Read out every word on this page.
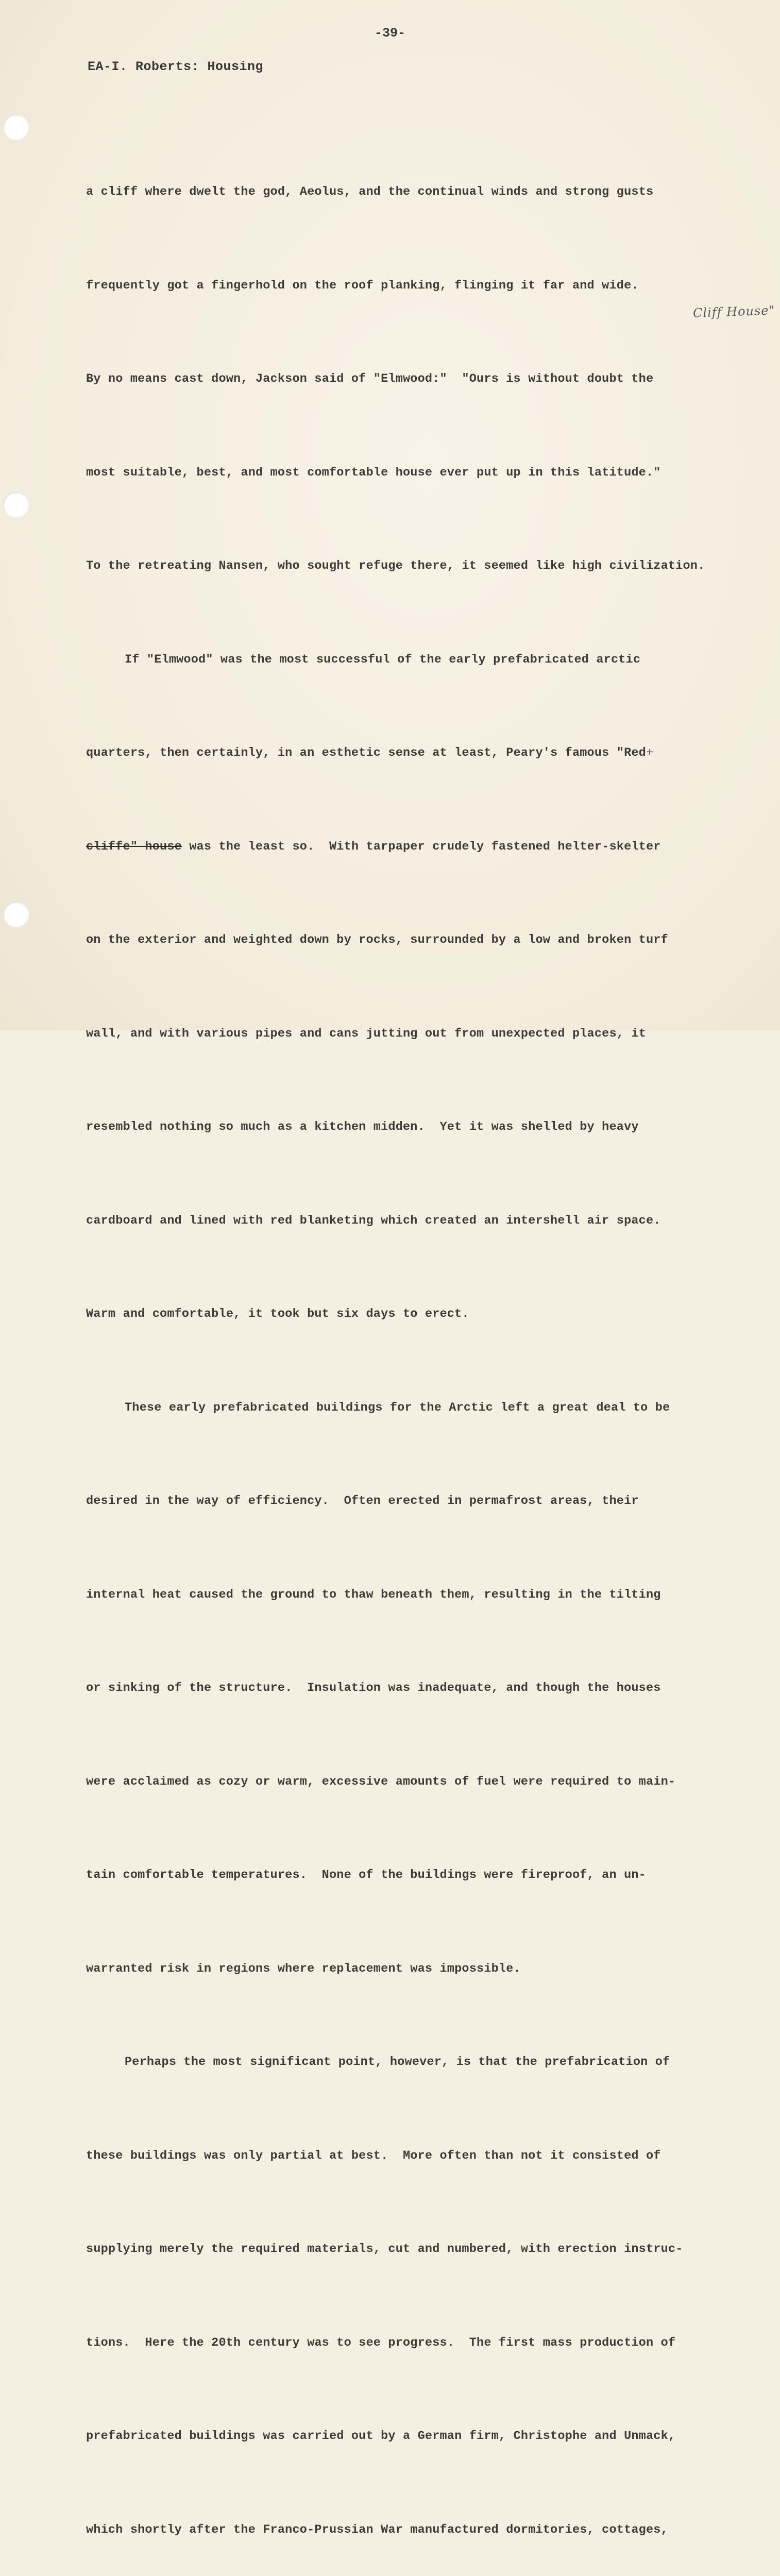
-39-

EA-I. Roberts: Housing

Cliff House"

a cliff where dwelt the god, Aeolus, and the continual winds and strong gusts

frequently got a fingerhold on the roof planking, flinging it far and wide.

By no means cast down, Jackson said of "Elmwood:"  "Ours is without doubt the

most suitable, best, and most comfortable house ever put up in this latitude."

To the retreating Nansen, who sought refuge there, it seemed like high civilization.

If "Elmwood" was the most successful of the early prefabricated arctic

quarters, then certainly, in an esthetic sense at least, Peary's famous "Red+

cliffe" house was the least so.  With tarpaper crudely fastened helter-skelter

on the exterior and weighted down by rocks, surrounded by a low and broken turf

wall, and with various pipes and cans jutting out from unexpected places, it

resembled nothing so much as a kitchen midden.  Yet it was shelled by heavy

cardboard and lined with red blanketing which created an intershell air space.

Warm and comfortable, it took but six days to erect.

These early prefabricated buildings for the Arctic left a great deal to be

desired in the way of efficiency.  Often erected in permafrost areas, their

internal heat caused the ground to thaw beneath them, resulting in the tilting

or sinking of the structure.  Insulation was inadequate, and though the houses

were acclaimed as cozy or warm, excessive amounts of fuel were required to main-

tain comfortable temperatures.  None of the buildings were fireproof, an un-

warranted risk in regions where replacement was impossible.

Perhaps the most significant point, however, is that the prefabrication of

these buildings was only partial at best.  More often than not it consisted of

supplying merely the required materials, cut and numbered, with erection instruc-

tions.  Here the 20th century was to see progress.  The first mass production of

prefabricated buildings was carried out by a German firm, Christophe and Unmack,

which shortly after the Franco-Prussian War manufactured dormitories, cottages,
